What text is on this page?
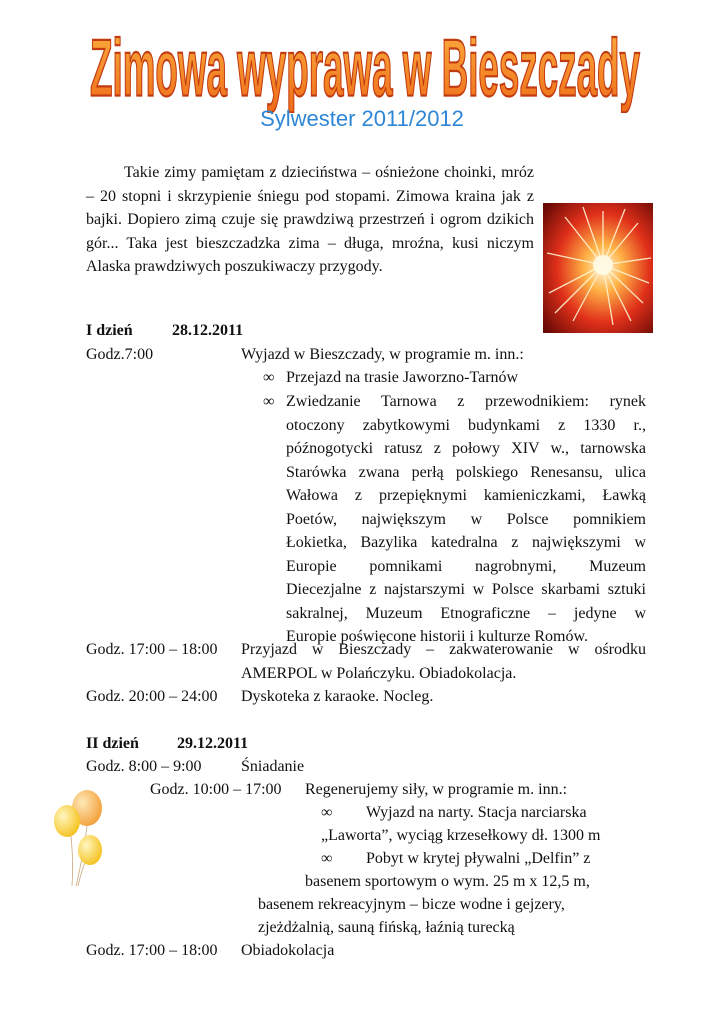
Zimowa wyprawa w Bieszczady
Sylwester 2011/2012

Takie zimy pamiętam z dzieciństwa – ośnieżone choinki, mróz – 20 stopni i skrzypienie śniegu pod stopami. Zimowa kraina jak z bajki. Dopiero zimą czuje się prawdziwą przestrzeń i ogrom dzikich gór... Taka jest bieszczadzka zima – długa, mroźna, kusi niczym Alaska prawdziwych poszukiwaczy przygody.

I dzień 28.12.2011
Godz.7:00	Wyjazd w Bieszczady, w programie m. inn.:
∞ Przejazd na trasie Jaworzno-Tarnów
∞ Zwiedzanie Tarnowa z przewodnikiem: rynek
otoczony zabytkowymi budynkami z 1330 r.,
późnogotycki ratusz z połowy XIV w., tarnowska
Starówka zwana perłą polskiego Renesansu, ulica
Wałowa z przepięknymi kamieniczkami, Ławką
Poetów, największym w Polsce pomnikiem
Łokietka, Bazylika katedralna z największymi w
Europie pomnikami nagrobnymi, Muzeum
Diecezjalne z najstarszymi w Polsce skarbami sztuki
sakralnej, Muzeum Etnograficzne – jedyne w
Europie poświęcone historii i kulturze Romów.
Godz. 17:00 – 18:00 Przyjazd w Bieszczady – zakwaterowanie w ośrodku
AMERPOL w Polańczyku. Obiadokolacja.
Godz. 20:00 – 24:00 Dyskoteka z karaoke. Nocleg.
II dzień 29.12.2011
Godz. 8:00 – 9:00 Śniadanie
Godz. 10:00 – 17:00 Regenerujemy siły, w programie m. inn.:
∞ Wyjazd na narty. Stacja narciarska
„Laworta”, wyciąg krzesełkowy dł. 1300 m
∞ Pobyt w krytej pływalni „Delfin” z
basenem sportowym o wym. 25 m x 12,5 m,
basenem rekreacyjnym – bicze wodne i gejzery,
zjeżdżalnią, sauną fińską, łaźnią turecką
Godz. 17:00 – 18:00 Obiadokolacja
